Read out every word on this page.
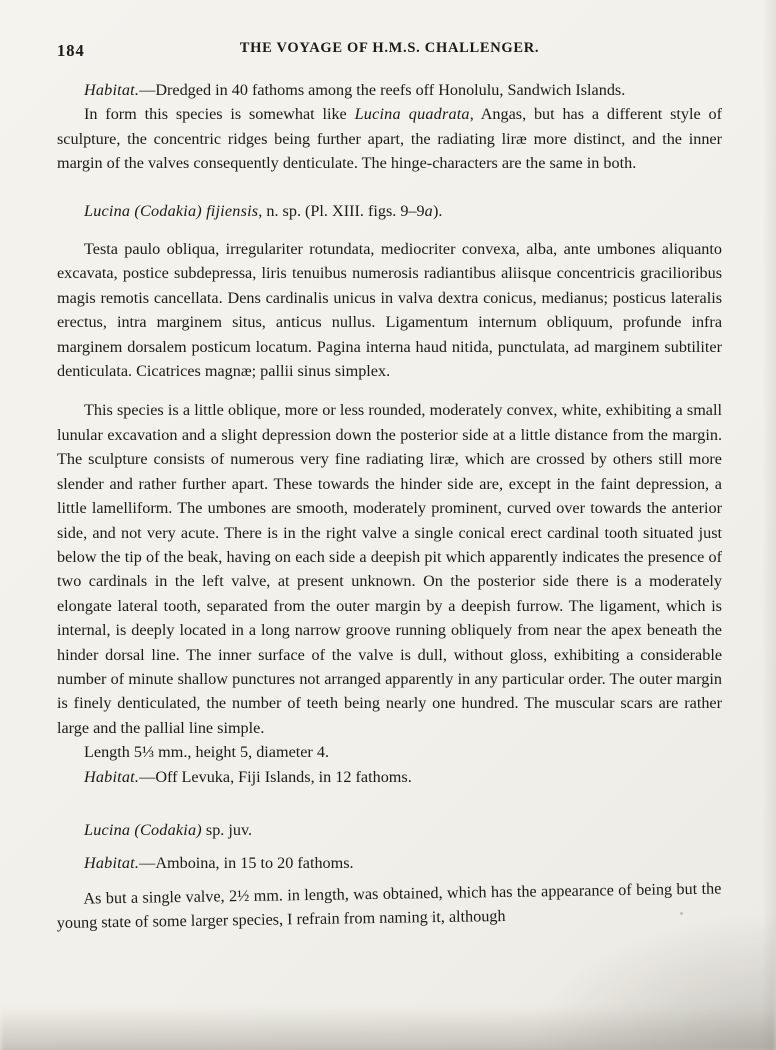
184	THE VOYAGE OF H.M.S. CHALLENGER.

Habitat.—Dredged in 40 fathoms among the reefs off Honolulu, Sandwich Islands.

In form this species is somewhat like Lucina quadrata, Angas, but has a different style of sculpture, the concentric ridges being further apart, the radiating liræ more distinct, and the inner margin of the valves consequently denticulate. The hinge-characters are the same in both.

Lucina (Codakia) fijiensis, n. sp. (Pl. XIII. figs. 9–9a).

Testa paulo obliqua, irregulariter rotundata, mediocriter convexa, alba, ante umbones aliquanto excavata, postice subdepressa, liris tenuibus numerosis radiantibus aliisque concentricis gracilioribus magis remotis cancellata. Dens cardinalis unicus in valva dextra conicus, medianus; posticus lateralis erectus, intra marginem situs, anticus nullus. Ligamentum internum obliquum, profunde infra marginem dorsalem posticum locatum. Pagina interna haud nitida, punctulata, ad marginem subtiliter denticulata. Cicatrices magnæ; pallii sinus simplex.

This species is a little oblique, more or less rounded, moderately convex, white, exhibiting a small lunular excavation and a slight depression down the posterior side at a little distance from the margin. The sculpture consists of numerous very fine radiating liræ, which are crossed by others still more slender and rather further apart. These towards the hinder side are, except in the faint depression, a little lamelliform. The umbones are smooth, moderately prominent, curved over towards the anterior side, and not very acute. There is in the right valve a single conical erect cardinal tooth situated just below the tip of the beak, having on each side a deepish pit which apparently indicates the presence of two cardinals in the left valve, at present unknown. On the posterior side there is a moderately elongate lateral tooth, separated from the outer margin by a deepish furrow. The ligament, which is internal, is deeply located in a long narrow groove running obliquely from near the apex beneath the hinder dorsal line. The inner surface of the valve is dull, without gloss, exhibiting a considerable number of minute shallow punctures not arranged apparently in any particular order. The outer margin is finely denticulated, the number of teeth being nearly one hundred. The muscular scars are rather large and the pallial line simple.

Length 5⅓ mm., height 5, diameter 4.

Habitat.—Off Levuka, Fiji Islands, in 12 fathoms.

Lucina (Codakia) sp. juv.

Habitat.—Amboina, in 15 to 20 fathoms.

As but a single valve, 2½ mm. in length, was obtained, which has the appearance of being but the young state of some larger species, I refrain from naming it, although
